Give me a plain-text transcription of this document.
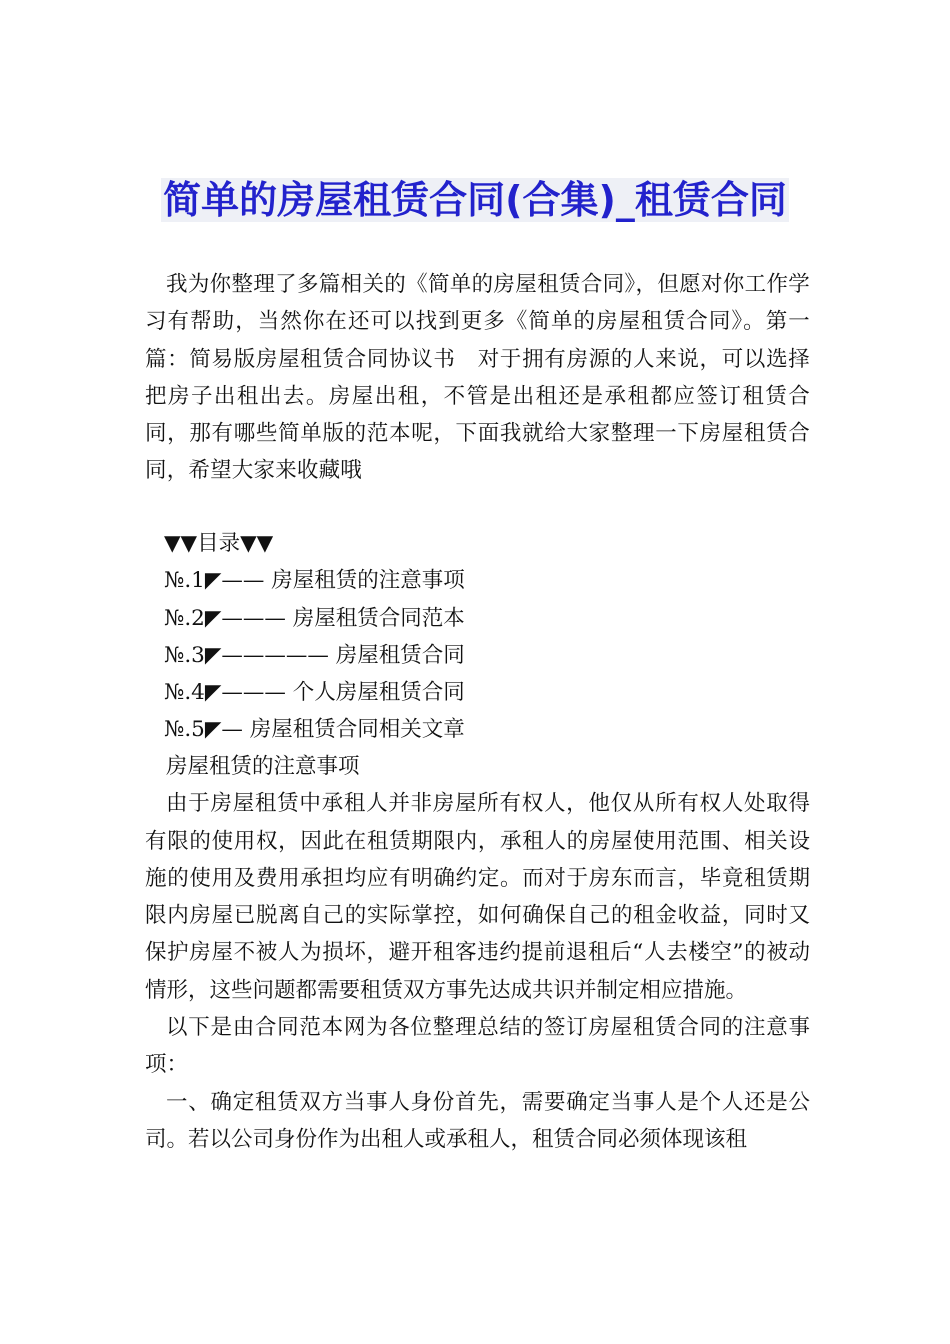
简单的房屋租赁合同(合集)_租赁合同

我为你整理了多篇相关的《简单的房屋租赁合同》，但愿对你工作学习有帮助，当然你在还可以找到更多《简单的房屋租赁合同》。第一篇：简易版房屋租赁合同协议书　对于拥有房源的人来说，可以选择把房子出租出去。房屋出租，不管是出租还是承租都应签订租赁合同，那有哪些简单版的范本呢，下面我就给大家整理一下房屋租赁合同，希望大家来收藏哦

▼▼目录▼▼
№.1◤—— 房屋租赁的注意事项
№.2◤——— 房屋租赁合同范本
№.3◤————— 房屋租赁合同
№.4◤——— 个人房屋租赁合同
№.5◤— 房屋租赁合同相关文章

房屋租赁的注意事项

由于房屋租赁中承租人并非房屋所有权人，他仅从所有权人处取得有限的使用权，因此在租赁期限内，承租人的房屋使用范围、相关设施的使用及费用承担均应有明确约定。而对于房东而言，毕竟租赁期限内房屋已脱离自己的实际掌控，如何确保自己的租金收益，同时又保护房屋不被人为损坏，避开租客违约提前退租后“人去楼空”的被动情形，这些问题都需要租赁双方事先达成共识并制定相应措施。

以下是由合同范本网为各位整理总结的签订房屋租赁合同的注意事项：

一、确定租赁双方当事人身份首先，需要确定当事人是个人还是公司。若以公司身份作为出租人或承租人，租赁合同必须体现该租
